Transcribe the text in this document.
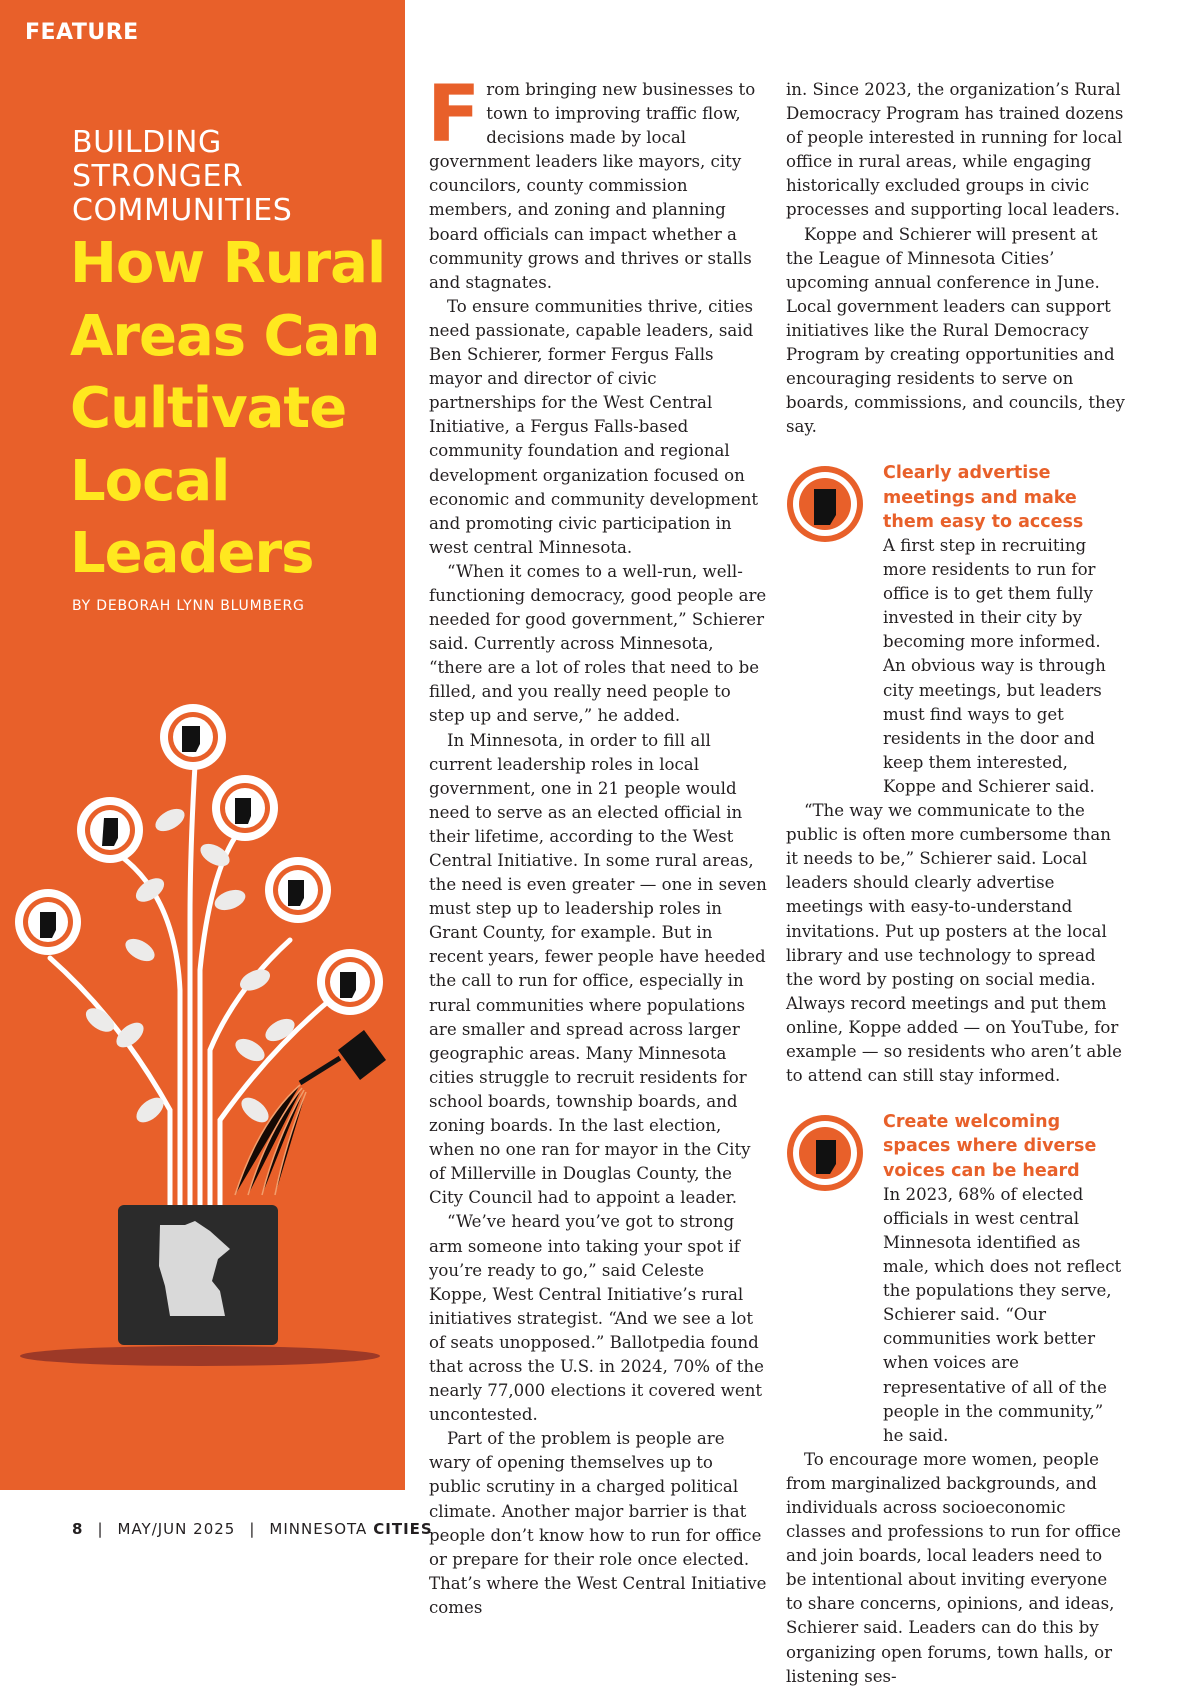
FEATURE
BUILDING
STRONGER
COMMUNITIES
How Rural
Areas Can
Cultivate
Local
Leaders
BY DEBORAH LYNN BLUMBERG

From bringing new businesses to town to improving traffic flow, decisions made by local government leaders like mayors, city councilors, county commission members, and zoning and planning board officials can impact whether a community grows and thrives or stalls and stagnates.

To ensure communities thrive, cities need passionate, capable leaders, said Ben Schierer, former Fergus Falls mayor and director of civic partnerships for the West Central Initiative, a Fergus Falls-based community foundation and regional development organization focused on economic and community development and promoting civic participation in west central Minnesota.

“When it comes to a well-run, well-functioning democracy, good people are needed for good government,” Schierer said. Currently across Minnesota, “there are a lot of roles that need to be filled, and you really need people to step up and serve,” he added.

In Minnesota, in order to fill all current leadership roles in local government, one in 21 people would need to serve as an elected official in their lifetime, according to the West Central Initiative. In some rural areas, the need is even greater — one in seven must step up to leadership roles in Grant County, for example. But in recent years, fewer people have heeded the call to run for office, especially in rural communities where populations are smaller and spread across larger geographic areas. Many Minnesota cities struggle to recruit residents for school boards, township boards, and zoning boards. In the last election, when no one ran for mayor in the City of Millerville in Douglas County, the City Council had to appoint a leader.

“We’ve heard you’ve got to strong arm someone into taking your spot if you’re ready to go,” said Celeste Koppe, West Central Initiative’s rural initiatives strategist. “And we see a lot of seats unopposed.” Ballotpedia found that across the U.S. in 2024, 70% of the nearly 77,000 elections it covered went uncontested.

Part of the problem is people are wary of opening themselves up to public scrutiny in a charged political climate. Another major barrier is that people don’t know how to run for office or prepare for their role once elected. That’s where the West Central Initiative comes

in. Since 2023, the organization’s Rural Democracy Program has trained dozens of people interested in running for local office in rural areas, while engaging historically excluded groups in civic processes and supporting local leaders.

Koppe and Schierer will present at the League of Minnesota Cities’ upcoming annual conference in June. Local government leaders can support initiatives like the Rural Democracy Program by creating opportunities and encouraging residents to serve on boards, commissions, and councils, they say.

Clearly advertise meetings and make them easy to access

A first step in recruiting more residents to run for office is to get them fully invested in their city by becoming more informed. An obvious way is through city meetings, but leaders must find ways to get residents in the door and keep them interested, Koppe and Schierer said.

“The way we communicate to the public is often more cumbersome than it needs to be,” Schierer said. Local leaders should clearly advertise meetings with easy-to-understand invitations. Put up posters at the local library and use technology to spread the word by posting on social media. Always record meetings and put them online, Koppe added — on YouTube, for example — so residents who aren’t able to attend can still stay informed.

Create welcoming spaces where diverse voices can be heard

In 2023, 68% of elected officials in west central Minnesota identified as male, which does not reflect the populations they serve, Schierer said. “Our communities work better when voices are representative of all of the people in the community,” he said.

To encourage more women, people from marginalized backgrounds, and individuals across socioeconomic classes and professions to run for office and join boards, local leaders need to be intentional about inviting everyone to share concerns, opinions, and ideas, Schierer said. Leaders can do this by organizing open forums, town halls, or listening ses-

8 | MAY/JUN 2025 | MINNESOTA CITIES
